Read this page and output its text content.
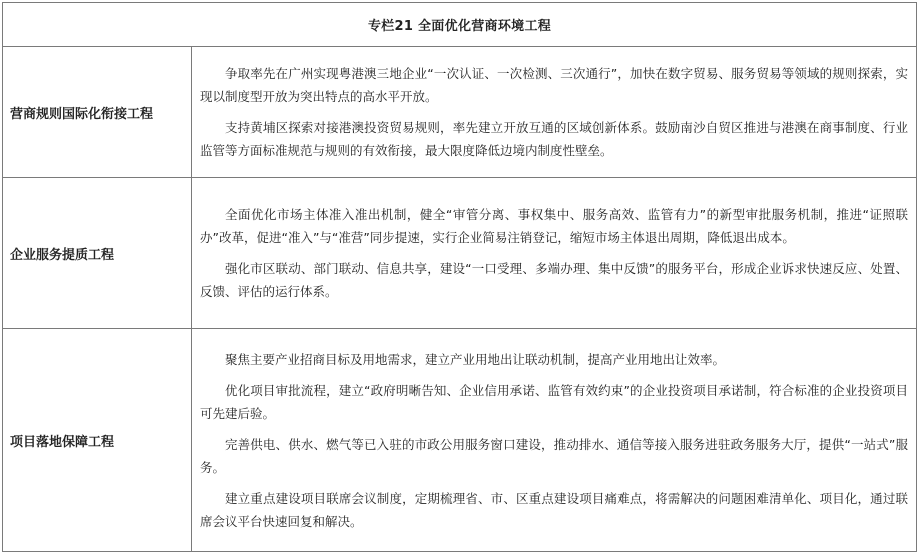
专栏21 全面优化营商环境工程	
营商规则国际化衔接工程	争取率先在广州实现粤港澳三地企业“一次认证、一次检测、三次通行”，加快在数字贸易、服务贸易等领域的规则探索，实现以制度型开放为突出特点的高水平开放。

支持黄埔区探索对接港澳投资贸易规则，率先建立开放互通的区域创新体系。鼓励南沙自贸区推进与港澳在商事制度、行业监管等方面标准规范与规则的有效衔接，最大限度降低边境内制度性壁垒。

企业服务提质工程	全面优化市场主体准入准出机制，健全“审管分离、事权集中、服务高效、监管有力”的新型审批服务机制，推进“证照联办”改革，促进“准入”与“准营”同步提速，实行企业简易注销登记，缩短市场主体退出周期，降低退出成本。

强化市区联动、部门联动、信息共享，建设“一口受理、多端办理、集中反馈”的服务平台，形成企业诉求快速反应、处置、反馈、评估的运行体系。

项目落地保障工程	聚焦主要产业招商目标及用地需求，建立产业用地出让联动机制，提高产业用地出让效率。

优化项目审批流程，建立“政府明晰告知、企业信用承诺、监管有效约束”的企业投资项目承诺制，符合标准的企业投资项目可先建后验。

完善供电、供水、燃气等已入驻的市政公用服务窗口建设，推动排水、通信等接入服务进驻政务服务大厅，提供“一站式”服务。

建立重点建设项目联席会议制度，定期梳理省、市、区重点建设项目痛难点，将需解决的问题困难清单化、项目化，通过联席会议平台快速回复和解决。
